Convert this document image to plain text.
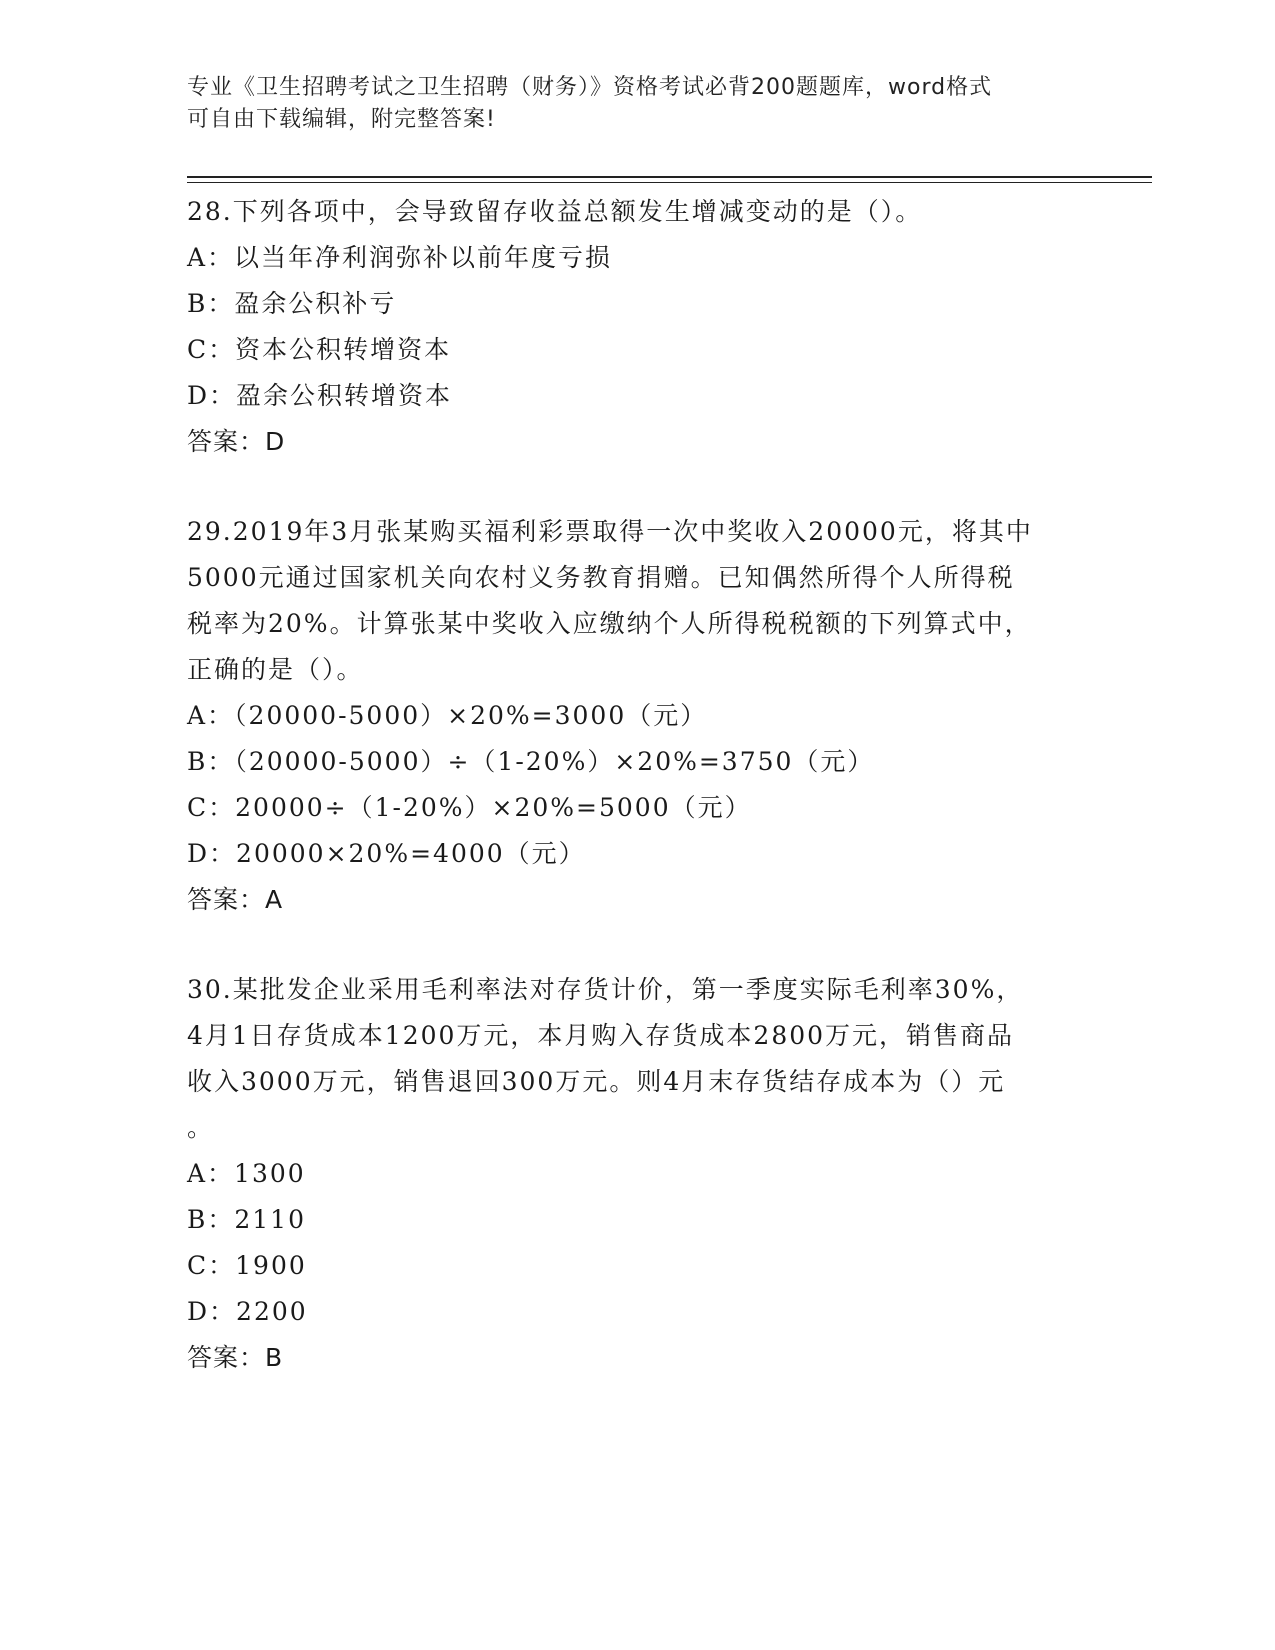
专业《卫生招聘考试之卫生招聘（财务）》资格考试必背200题题库，word格式
可自由下载编辑，附完整答案!
28.下列各项中，会导致留存收益总额发生增减变动的是（）。
A：以当年净利润弥补以前年度亏损
B：盈余公积补亏
C：资本公积转增资本
D：盈余公积转增资本
答案：D
29.2019年3月张某购买福利彩票取得一次中奖收入20000元，将其中
5000元通过国家机关向农村义务教育捐赠。已知偶然所得个人所得税
税率为20%。计算张某中奖收入应缴纳个人所得税税额的下列算式中，
正确的是（）。
A：（20000-5000）×20%=3000（元）
B：（20000-5000）÷（1-20%）×20%=3750（元）
C：20000÷（1-20%）×20%=5000（元）
D：20000×20%=4000（元）
答案：A
30.某批发企业采用毛利率法对存货计价，第一季度实际毛利率30%，
4月1日存货成本1200万元，本月购入存货成本2800万元，销售商品
收入3000万元，销售退回300万元。则4月末存货结存成本为（）元
。
A：1300
B：2110
C：1900
D：2200
答案：B
